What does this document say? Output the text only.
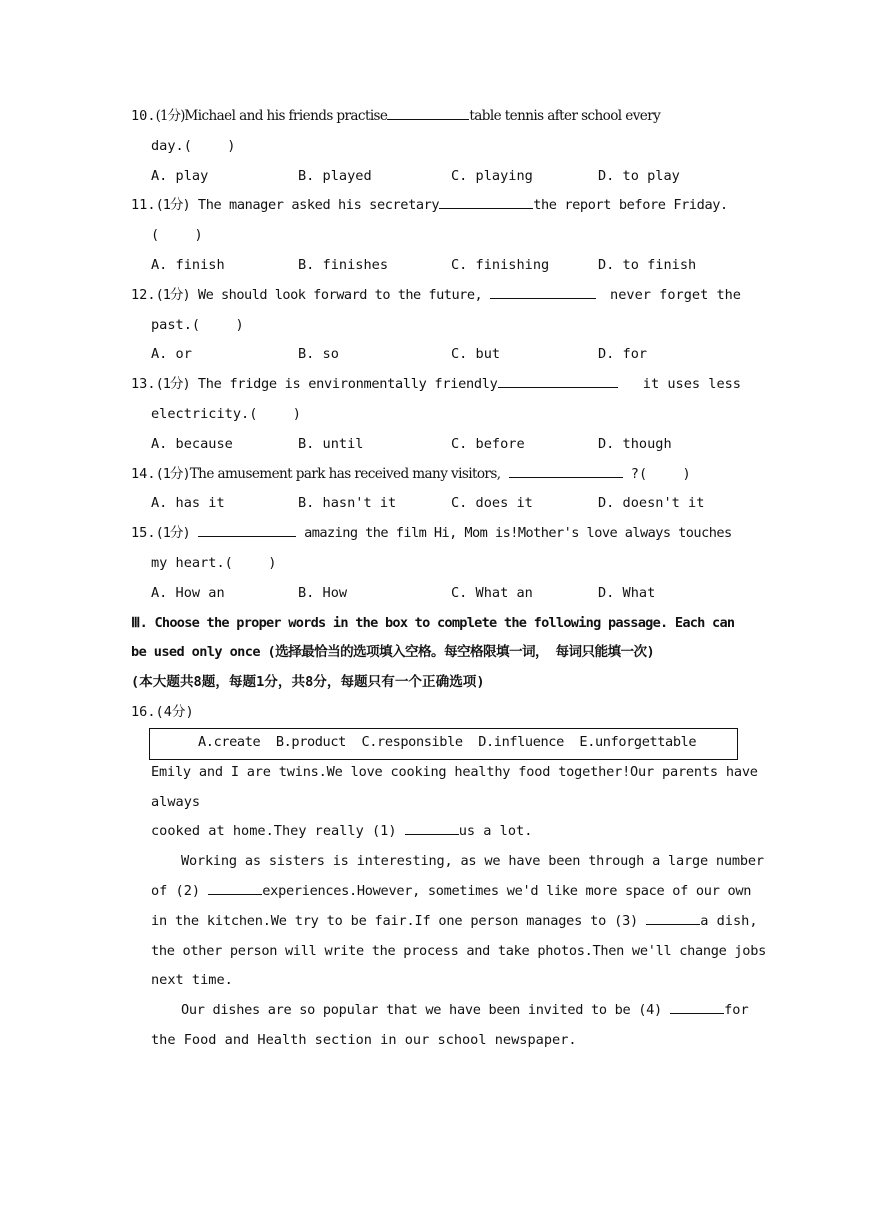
10.(1分)Michael and his friends practise	table tennis after school every
day.(　 　)
A. play	B. played	C. playing	D. to play
11.(1分) The manager asked his secretary	the report before Friday.
(　 　)
A. finish	B. finishes	C. finishing	D. to finish
12.(1分) We should look forward to the future,	never forget the
past.(　 　)
A. or	B. so	C. but	D. for
13.(1分) The fridge is environmentally friendly	it uses less
electricity.(　 　)
A. because	B. until	C. before	D. though
14.(1分)The amusement park has received many visitors,	?(　 　)
A. has it	B. hasn't it	C. does it	D. doesn't it
15.(1分)	amazing the film Hi, Mom is!Mother's love always touches
my heart.(　 　)
A. How an	B. How	C. What an	D. What
Ⅲ. Choose the proper words in the box to complete the following passage. Each can
be used only once (选择最恰当的选项填入空格。每空格限填一词， 每词只能填一次)
(本大题共8题，每题1分，共8分，每题只有一个正确选项)
16.(4分)
A.create  B.product  C.responsible  D.influence  E.unforgettable
Emily and I are twins.We love cooking healthy food together!Our parents have
always
cooked at home.They really (1)	us a lot.
Working as sisters is interesting, as we have been through a large number
of (2)	experiences.However, sometimes we'd like more space of our own
in the kitchen.We try to be fair.If one person manages to (3)	a dish,
the other person will write the process and take photos.Then we'll change jobs
next time.
Our dishes are so popular that we have been invited to be (4)	for
the Food and Health section in our school newspaper.
